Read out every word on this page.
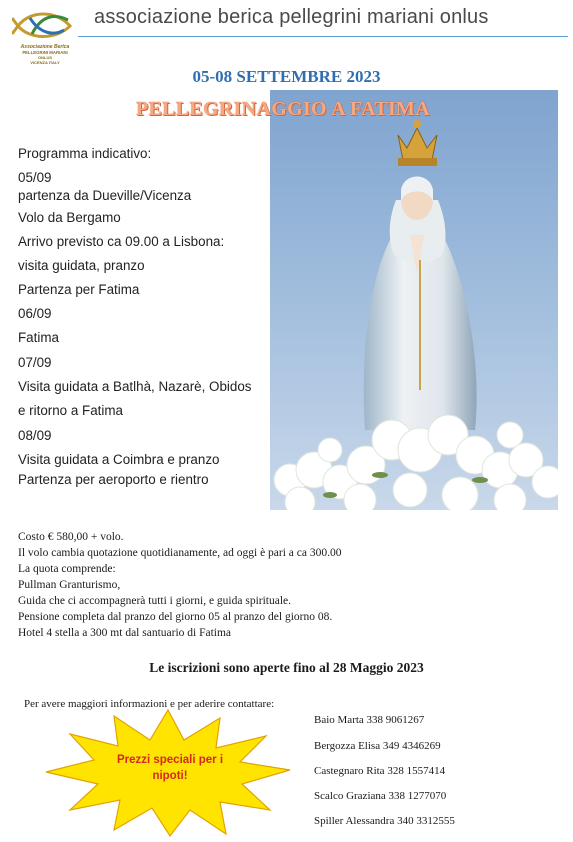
Associazione Berica
PELLEGRINI MARIANI
ONLUS
VICENZA ITALY
associazione berica pellegrini mariani onlus
05-08 SETTEMBRE 2023
PELLEGRINAGGIO A FATIMA
Programma indicativo:
05/09
partenza da Dueville/Vicenza
Volo da Bergamo
Arrivo previsto ca 09.00 a Lisbona:
visita guidata, pranzo
Partenza per Fatima
06/09
Fatima
07/09
Visita guidata a Batlhà, Nazarè, Obidos
e ritorno a Fatima
08/09
Visita guidata a Coimbra e pranzo
Partenza per aeroporto e rientro
Costo € 580,00 + volo.
Il volo cambia quotazione quotidianamente, ad oggi è pari a ca 300.00
La quota comprende:
Pullman Granturismo,
Guida che ci accompagnerà tutti i giorni, e guida spirituale.
Pensione completa dal pranzo del giorno 05 al pranzo del giorno 08.
Hotel 4 stella a 300 mt dal santuario di Fatima
Le iscrizioni sono aperte fino al 28 Maggio 2023
Per avere maggiori informazioni e per aderire contattare:
Prezzi speciali per i
nipoti!
Baio Marta 338 9061267
Bergozza Elisa 349 4346269
Castegnaro Rita 328 1557414
Scalco Graziana 338 1277070
Spiller Alessandra 340 3312555
